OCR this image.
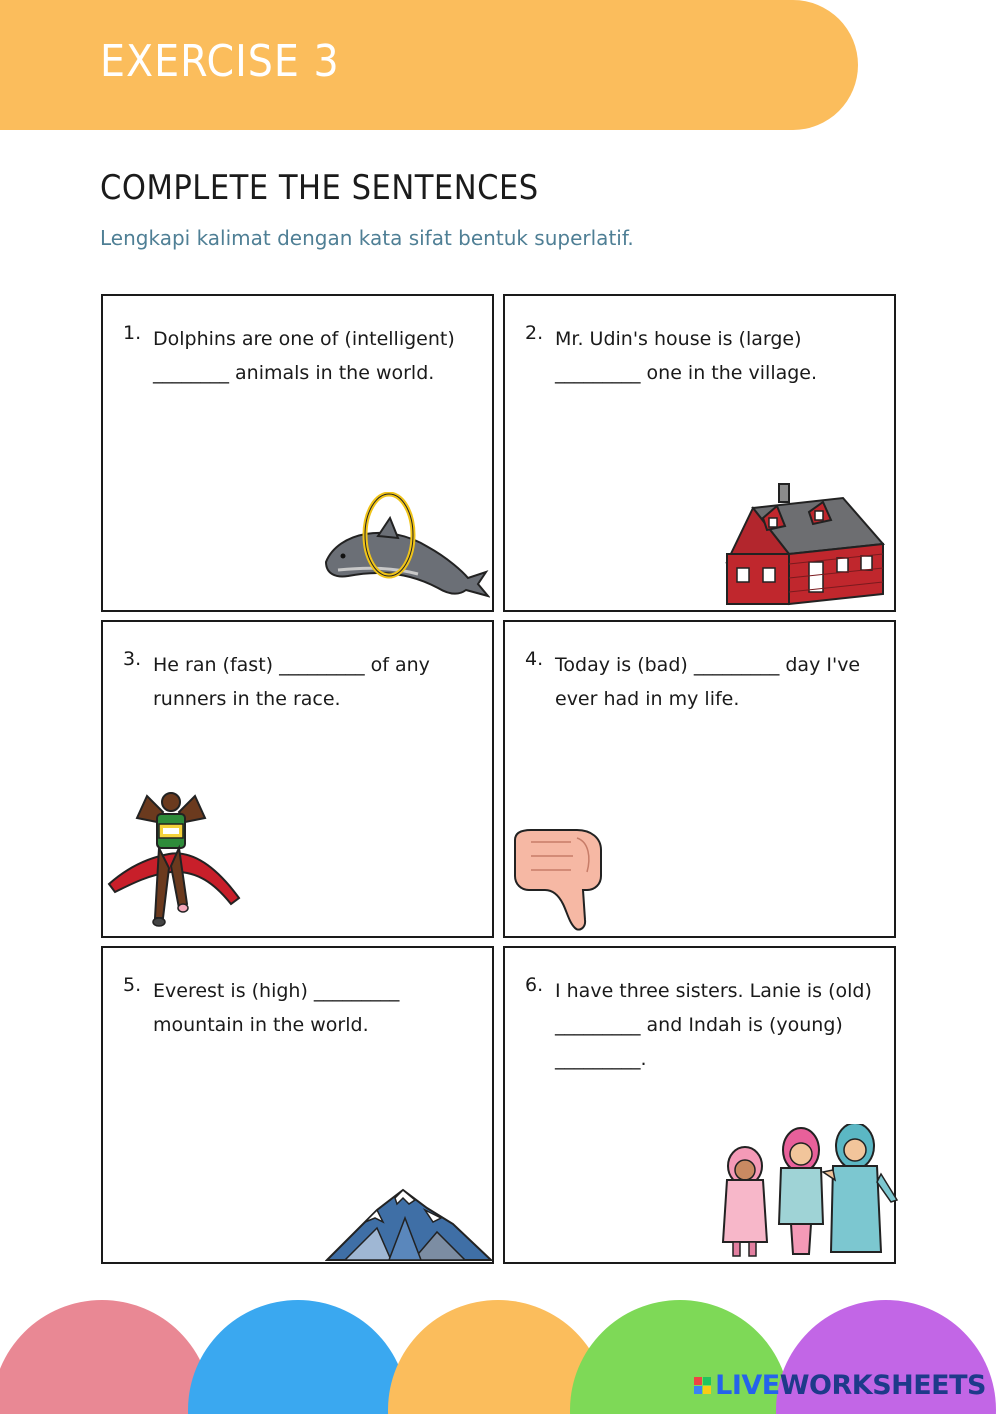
EXERCISE 3
COMPLETE THE SENTENCES

Lengkapi kalimat dengan kata sifat bentuk superlatif.

1. Dolphins are one of (intelligent) ________ animals in the world.
2. Mr. Udin's house is (large) _________ one in the village.
3. He ran (fast) _________ of any runners in the race.
4. Today is (bad) _________ day I've ever had in my life.
5. Everest is (high) _________ mountain in the world.
6. I have three sisters. Lanie is (old) _________ and Indah is (young) _________.
LIVEWORKSHEETS
